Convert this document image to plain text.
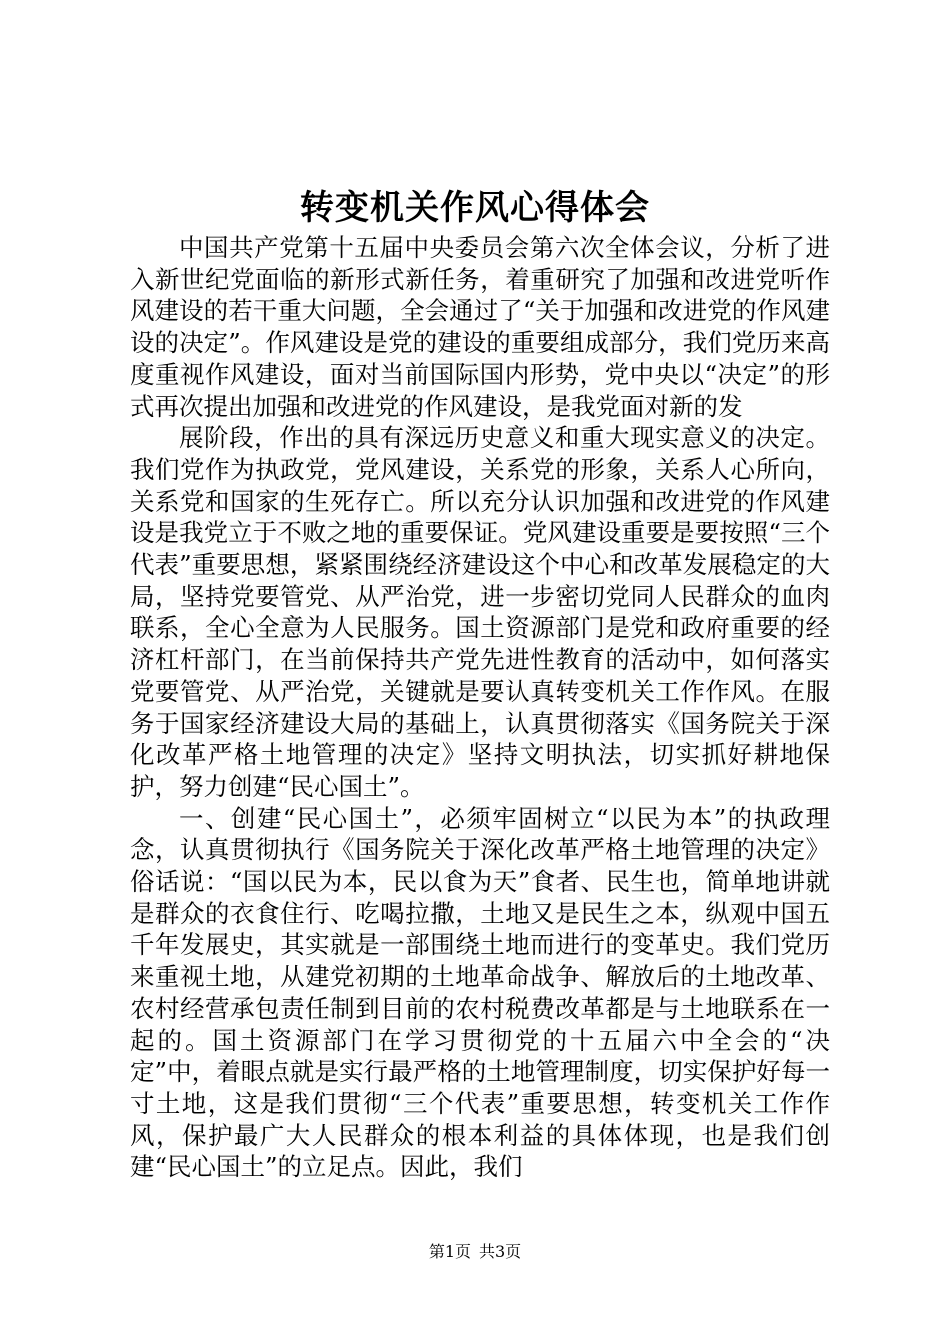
转变机关作风心得体会

中国共产党第十五届中央委员会第六次全体会议，分析了进入新世纪党面临的新形式新任务，着重研究了加强和改进党听作风建设的若干重大问题，全会通过了“关于加强和改进党的作风建设的决定”。作风建设是党的建设的重要组成部分，我们党历来高度重视作风建设，面对当前国际国内形势，党中央以“决定”的形式再次提出加强和改进党的作风建设，是我党面对新的发

展阶段，作出的具有深远历史意义和重大现实意义的决定。我们党作为执政党，党风建设，关系党的形象，关系人心所向，关系党和国家的生死存亡。所以充分认识加强和改进党的作风建设是我党立于不败之地的重要保证。党风建设重要是要按照“三个代表”重要思想，紧紧围绕经济建设这个中心和改革发展稳定的大局，坚持党要管党、从严治党，进一步密切党同人民群众的血肉联系，全心全意为人民服务。国土资源部门是党和政府重要的经济杠杆部门，在当前保持共产党先进性教育的活动中，如何落实党要管党、从严治党，关键就是要认真转变机关工作作风。在服务于国家经济建设大局的基础上，认真贯彻落实《国务院关于深化改革严格土地管理的决定》坚持文明执法，切实抓好耕地保护，努力创建“民心国土”。

一、创建“民心国土”，必须牢固树立“以民为本”的执政理念，认真贯彻执行《国务院关于深化改革严格土地管理的决定》俗话说：“国以民为本，民以食为天”食者、民生也，简单地讲就是群众的衣食住行、吃喝拉撒，土地又是民生之本，纵观中国五千年发展史，其实就是一部围绕土地而进行的变革史。我们党历来重视土地，从建党初期的土地革命战争、解放后的土地改革、农村经营承包责任制到目前的农村税费改革都是与土地联系在一起的。国土资源部门在学习贯彻党的十五届六中全会的“决定”中，着眼点就是实行最严格的土地管理制度，切实保护好每一寸土地，这是我们贯彻“三个代表”重要思想，转变机关工作作风，保护最广大人民群众的根本利益的具体体现，也是我们创建“民心国土”的立足点。因此，我们

第1页 共3页
